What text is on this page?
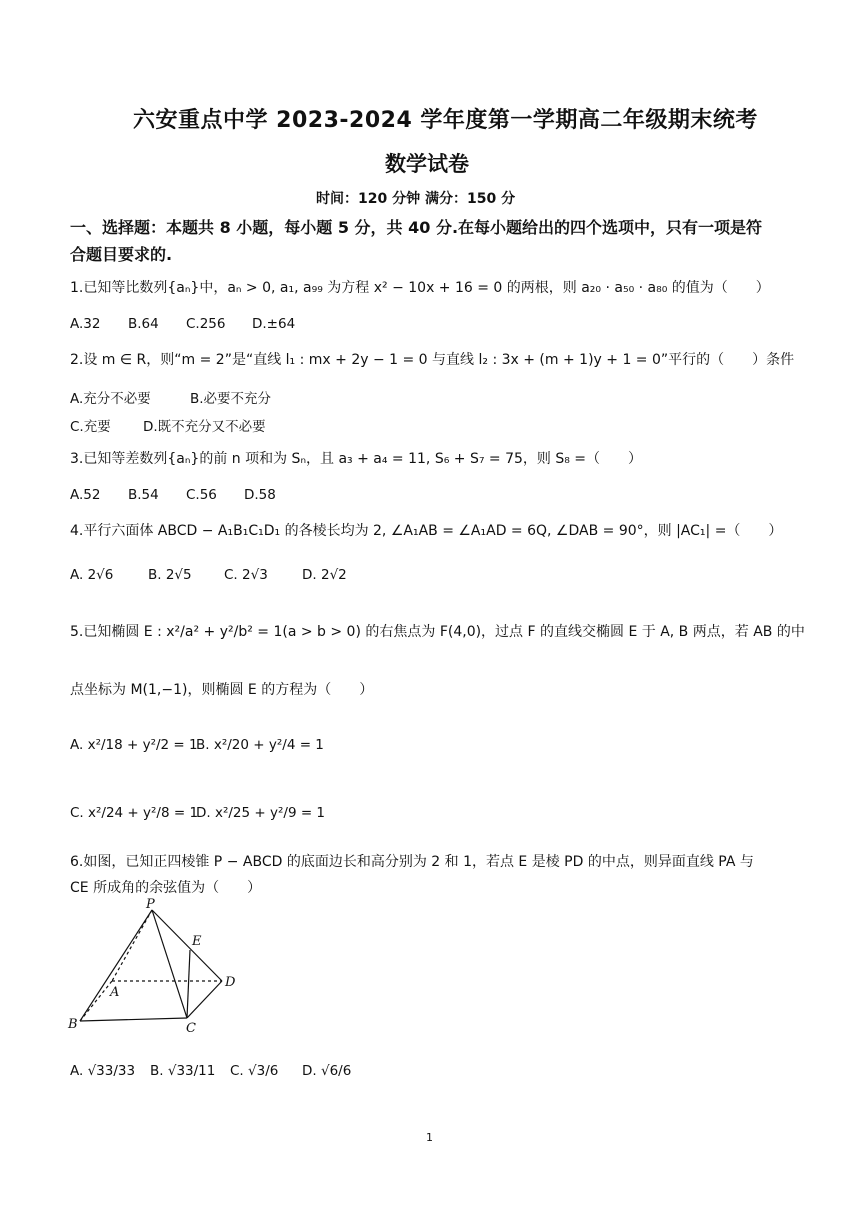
六安重点中学 2023-2024 学年度第一学期高二年级期末统考
数学试卷
时间：120 分钟 满分：150 分
一、选择题：本题共 8 小题，每小题 5 分，共 40 分.在每小题给出的四个选项中，只有一项是符
合题目要求的.
1.已知等比数列{aₙ}中，aₙ > 0, a₁, a₉₉ 为方程 x² − 10x + 16 = 0 的两根，则 a₂₀ · a₅₀ · a₈₀ 的值为（　　）
A.32 B.64 C.256 D.±64
2.设 m ∈ R，则“m = 2”是“直线 l₁ : mx + 2y − 1 = 0 与直线 l₂ : 3x + (m + 1)y + 1 = 0”平行的（　　）条件
A.充分不必要	B.必要不充分
C.充要 D.既不充分又不必要
3.已知等差数列{aₙ}的前 n 项和为 Sₙ，且 a₃ + a₄ = 11, S₆ + S₇ = 75，则 S₈ =（　　）
A.52 B.54 C.56 D.58
4.平行六面体 ABCD − A₁B₁C₁D₁ 的各棱长均为 2, ∠A₁AB = ∠A₁AD = 6Q, ∠DAB = 90°，则 |AC₁| =（　　）
A. 2√6	B. 2√5 C. 2√3	D. 2√2
5.已知椭圆 E : x²/a² + y²/b² = 1(a > b > 0) 的右焦点为 F(4,0)，过点 F 的直线交椭圆 E 于 A, B 两点，若 AB 的中
点坐标为 M(1,−1)，则椭圆 E 的方程为（　　）
A. x²/18 + y²/2 = 1
B. x²/20 + y²/4 = 1
C. x²/24 + y²/8 = 1
D. x²/25 + y²/9 = 1
6.如图，已知正四棱锥 P − ABCD 的底面边长和高分别为 2 和 1，若点 E 是棱 PD 的中点，则异面直线 PA 与
CE 所成角的余弦值为（　　）
P
E
A
D
B	C
A. √33/33 B. √33/11 C. √3/6 D. √6/6
1
